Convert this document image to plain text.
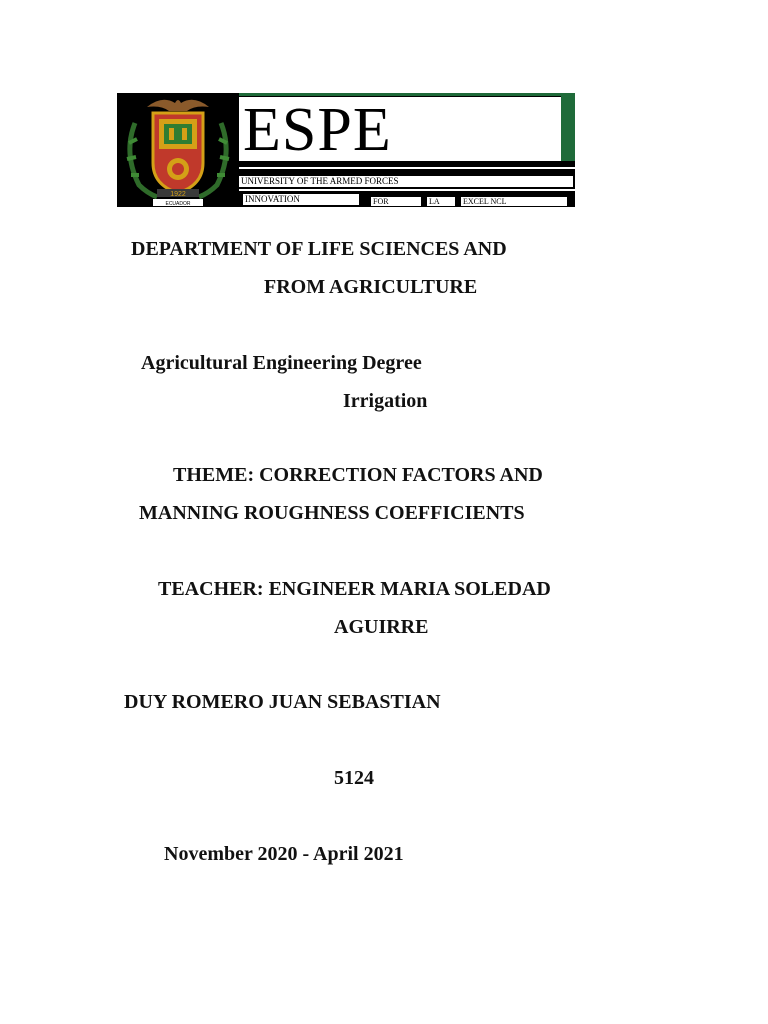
1922
ECUADOR
ESPE
UNIVERSITY OF THE ARMED FORCES
INNOVATION	FOR	LA	EXCEL NCL
DEPARTMENT OF LIFE SCIENCES AND
FROM AGRICULTURE
Agricultural Engineering Degree
Irrigation
THEME: CORRECTION FACTORS AND
MANNING ROUGHNESS COEFFICIENTS
TEACHER: ENGINEER MARIA SOLEDAD
AGUIRRE
DUY ROMERO JUAN SEBASTIAN
5124
November 2020 - April 2021
